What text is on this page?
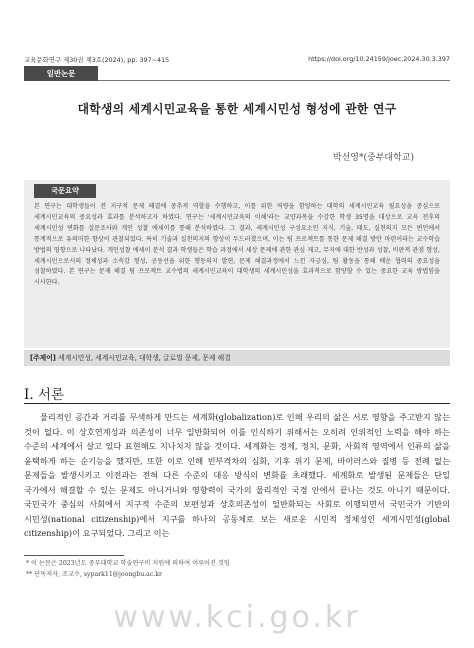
교육문화연구 제30권 제3호(2024), pp. 397~415	https://doi.org/10.24159/joec.2024.30.3.397
일반논문
대학생의 세계시민교육을 통한 세계시민성 형성에 관한 연구
박선영*(중부대학교)
국문요약

본 연구는 대학생들이 전 지구적 문제 해결에 중추적 역할을 수행하고, 이를 위한 역량을 함양하는 대학의 세계시민교육 필요성을 중심으로 세계시민교육의 중요성과 효과를 분석하고자 하였다. 연구는 '세계시민교육의 이해'라는 교양과목을 수강한 학생 35명을 대상으로 교육 전후의 세계시민성 변화를 설문조사와 개인 성찰 에세이를 통해 분석하였다. 그 결과, 세계시민성 구성요소인 지식, 기술, 태도, 실천의지 모든 변인에서 통계적으로 유의미한 향상이 관찰되었다. 특히 기술과 실천의지의 향상이 두드러졌으며, 이는 팀 프로젝트를 통한 문제 해결 방안 마련이라는 교수학습 방법의 영향으로 나타났다. 개인성찰 에세이 분석 결과 학생들은 학습 과정에서 세상 문제에 관한 관심 제고, 무지에 대한 반성과 성찰, 비판적 관점 형성, 세계시민으로서의 정체성과 소속감 형성, 공동선을 위한 행동의지 발현, 문제 해결과정에서 느낀 자긍심, 팀 활동을 통해 배운 협력의 중요성을 성찰하였다. 본 연구는 문제 해결 팀 프로젝트 교수법의 세계시민교육이 대학생의 세계시민성을 효과적으로 함양할 수 있는 중요한 교육 방법임을 시사한다.

[주제어] 세계시민성, 세계시민교육, 대학생, 글로벌 문제, 문제 해결
Ⅰ. 서론

물리적인 공간과 거리를 무색하게 만드는 세계화(globalization)로 인해 우리의 삶은 서로 영향을 주고받지 않는 것이 없다. 이 상호연계성과 의존성이 너무 일반화되어 이를 인식하기 위해서는 오히려 인위적인 노력을 해야 하는 수준의 세계에서 살고 있다 표현해도 지나치지 않을 것이다. 세계화는 경제, 정치, 문화, 사회적 영역에서 인류의 삶을 윤택하게 하는 순기능을 했지만, 또한 이로 인해 빈부격차의 심화, 기후 위기 문제, 바이러스와 질병 등 전례 없는 문제들을 발생시키고 이전과는 전혀 다른 수준의 대응 방식의 변화를 초래했다. 세계화로 발생된 문제들은 단일 국가에서 해결할 수 있는 문제도 아니거니와 영향력이 국가의 물리적인 국경 안에서 끝나는 것도 아니기 때문이다. 국민국가 중심의 사회에서 지구적 수준의 보편성과 상호의존성이 일반화되는 사회로 이행되면서 국민국가 기반의 시민성(national citizenship)에서 지구를 하나의 공동체로 보는 새로운 시민적 정체성인 세계시민성(global citizenship)이 요구되었다. 그리고 이는

* 이 논문은 2023년도 중부대학교 학술연구비 지원에 의하여 이루어진 것임
** 단독저자, 조교수, sypark11@joongbu.ac.kr
www.kci.go.kr
